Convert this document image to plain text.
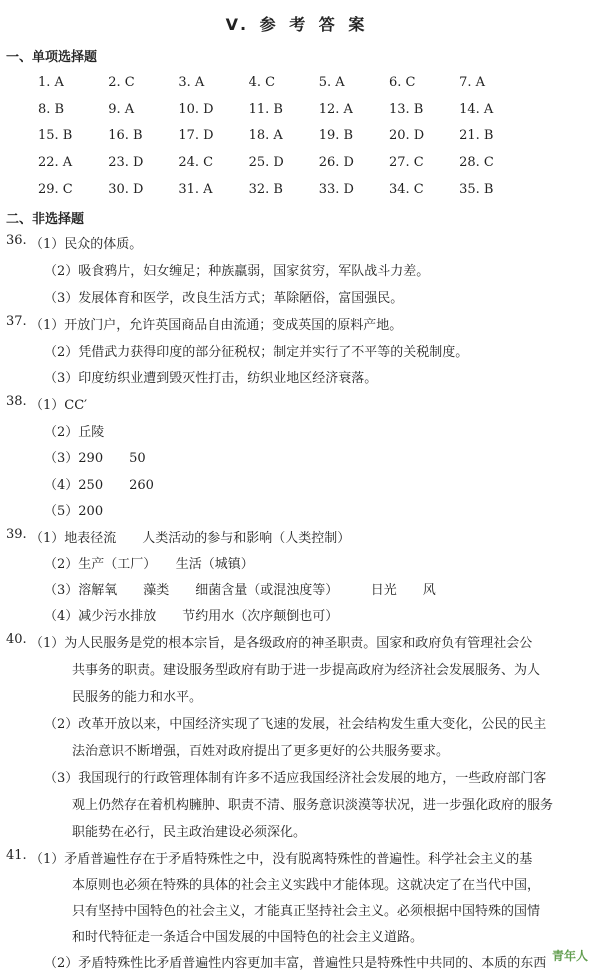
V. 参 考 答 案
一、单项选择题
1. A	2. C	3. A	4. C	5. A	6. C	7. A
8. B	9. A	10. D	11. B	12. A	13. B	14. A
15. B	16. B	17. D	18. A	19. B	20. D	21. B
22. A	23. D	24. C	25. D	26. D	27. C	28. C
29. C	30. D	31. A	32. B	33. D	34. C	35. B
二、非选择题
36. （1）民众的体质。
（2）吸食鸦片，妇女缠足；种族羸弱，国家贫穷，军队战斗力差。
（3）发展体育和医学，改良生活方式；革除陋俗，富国强民。
37. （1）开放门户，允许英国商品自由流通；变成英国的原料产地。
（2）凭借武力获得印度的部分征税权；制定并实行了不平等的关税制度。
（3）印度纺织业遭到毁灭性打击，纺织业地区经济衰落。
38. （1）CC′
（2）丘陵
（3）290　　50
（4）250　　260
（5）200
39. （1）地表径流　　人类活动的参与和影响（人类控制）
（2）生产（工厂）　　生活（城镇）
（3）溶解氧　　藻类　　细菌含量（或混浊度等）　　　日光　　风
（4）减少污水排放　　节约用水（次序颠倒也可）
40. （1）为人民服务是党的根本宗旨，是各级政府的神圣职责。国家和政府负有管理社会公
共事务的职责。建设服务型政府有助于进一步提高政府为经济社会发展服务、为人
民服务的能力和水平。
（2）改革开放以来，中国经济实现了飞速的发展，社会结构发生重大变化，公民的民主
法治意识不断增强，百姓对政府提出了更多更好的公共服务要求。
（3）我国现行的行政管理体制有许多不适应我国经济社会发展的地方，一些政府部门客
观上仍然存在着机构臃肿、职责不清、服务意识淡漠等状况，进一步强化政府的服务
职能势在必行，民主政治建设必须深化。
41. （1）矛盾普遍性存在于矛盾特殊性之中，没有脱离特殊性的普遍性。科学社会主义的基
本原则也必须在特殊的具体的社会主义实践中才能体现。这就决定了在当代中国，
只有坚持中国特色的社会主义，才能真正坚持社会主义。必须根据中国特殊的国情
和时代特征走一条适合中国发展的中国特色的社会主义道路。
（2）矛盾特殊性比矛盾普遍性内容更加丰富，普遍性只是特殊性中共同的、本质的东西 青年人
